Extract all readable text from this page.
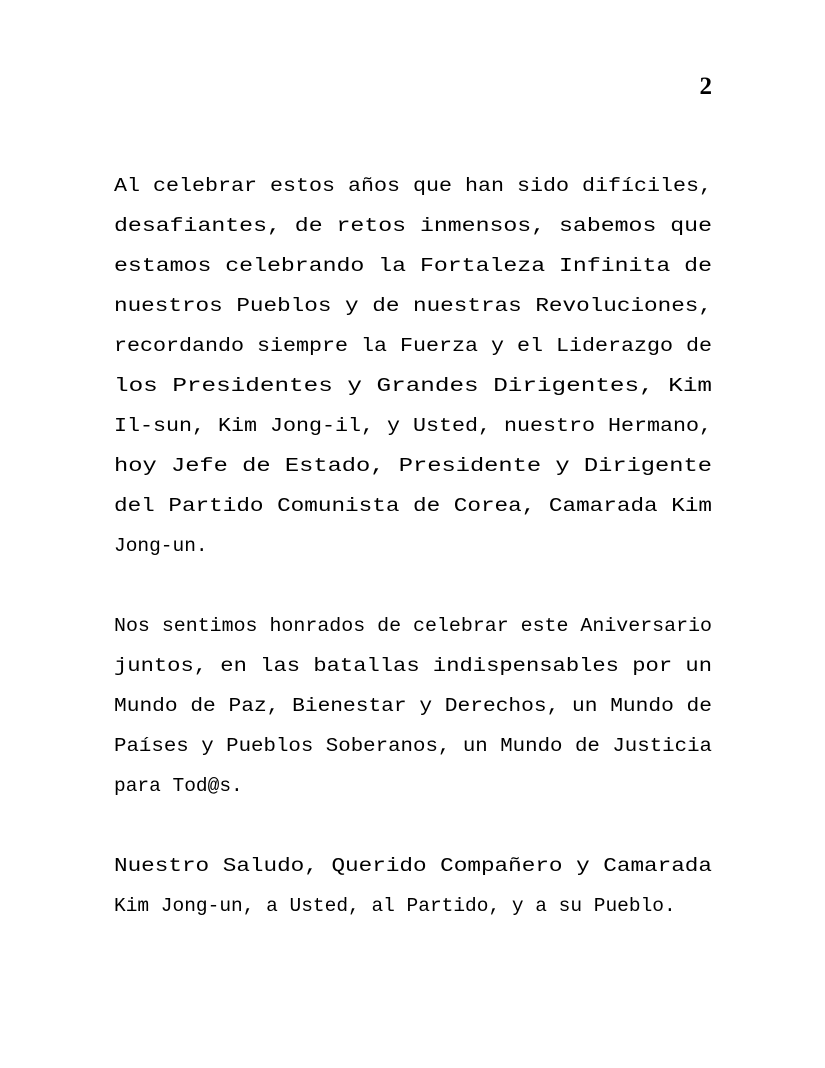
2

Al celebrar estos años que han sido difíciles,
desafiantes, de retos inmensos, sabemos que
estamos celebrando la Fortaleza Infinita de
nuestros Pueblos y de nuestras Revoluciones,
recordando siempre la Fuerza y el Liderazgo de
los Presidentes y Grandes Dirigentes, Kim
Il-sun, Kim Jong-il, y Usted, nuestro Hermano,
hoy Jefe de Estado, Presidente y Dirigente
del Partido Comunista de Corea, Camarada Kim
Jong-un.

Nos sentimos honrados de celebrar este Aniversario
juntos, en las batallas indispensables por un
Mundo de Paz, Bienestar y Derechos, un Mundo de
Países y Pueblos Soberanos, un Mundo de Justicia
para Tod@s.

Nuestro Saludo, Querido Compañero y Camarada
Kim Jong-un, a Usted, al Partido, y a su Pueblo.
